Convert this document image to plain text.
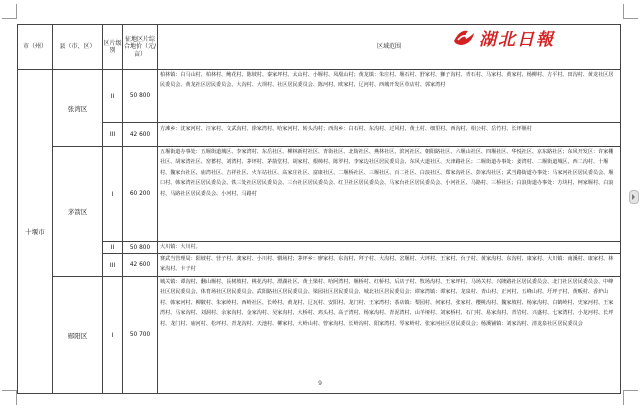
市（州）	县（市、区）	区片级别	征地区片综合地价（元/亩）	区域范围
十堰市	张湾区	II	50 800	柏林镇：白马山村、柏林村、鲍花村、陈坡村、秦家坪村、太山村、小堰村、凤凰山村；黄龙镇：朱庄村、堰石村、舒家村、狮子沟村、青石村、马家村、黄家村、杨柳村、方平村、田沟村、黄龙社区居民委员会、黄龙社区居民委员会、大沟村、大坝村、社区居民委员会、陈河村、欧家村、辽河村、西城开发区草店村、郭家湾村

		III	42 600	方滩乡：沈家河村、汪家村、文武沟村、徐家湾村、哈家河村、转头沟村；西沟乡：白石村、东沟村、过风村、黄土村、细里村、西沟村、相公村、岳竹村、长坪堰村

	茅箭区	I	60 200	五堰街道办事处：五堰街道城区、李家湾村、东岳社区、柳林新村社区、青街社区、北街社区、燕林社区、滨河社区、朝阳路社区、六堰山社区、四堰社区、华悦社区、京东路社区；东风开发区：许家棚社区、胡家湾社区、窑蓄村、刘湾村、茅坪村、茅箭堂村、胡家村、根樟村、陈罗村、李家边社区居民委员会、东风大道社区、天津路社区；二堰街道办事处：姜湾村、二堰街道城区、西二沟村、十堰村、魏家台社区、庙湾社区、吉祥社区、火车站社区、高家庄社区、富康社区、二堰桥社区、三堰社区、百二社区、白浪社区、郑家沟社区、彭家沟社区；武当路街道办事处：马家河社区居民委员会、堰口村、韩家湾社区居民委员会、铁三处社区居民委员会、三台社区居民委员会、红卫社区居民委员会、马家台社区居民委员会、小河社区、马路村、三桥社区；白浪街道办事处：方块村、柯家堰村、白浪村、马路社区居民委员会、小河村、马路村

		II	50 800	大川镇：大川村。

		III	42 600	赛武当管理局：阳坡村、营子村、龚家村、小川村、辋场村；茅坪乡：廖家村、东沟村、拜子村、大沟村、岔堰村、大坪村、王家村、台子村、黄家沟村、东沟村、康家村、大川镇：南溪村、康家村、林家沟村、卡子村

	郧阳区	I	50 700	城关镇：谭沟村、翻山堰村、長树坡村、桃花沟村、漂湖社区、黄土梁村、哈阿湾村、堰桥村、红桥村、后店子村、牧场沟村、王家坪村、马场关村、兴隆路社区居民委员会、北门社区居民委员会、中峰社区居民委员会、体育场社区居民委员会、武阳路社区居民委员会、梁园社区居民委员会、城北社区居民委员会；谭家湾镇：谭家村、龙泉村、青山村、正河村、五峰山村、圩坪子村、黄畈村、香炉山村、韩家河村、柳陂村、朱家岭村、西岭社区、长岭村、黄龙村、辽瓦村、安阳村、龙门村、王家湾村；茶店镇：梨园村、何家村、张家村、樱桃沟村、魏家坡村、杨家沟村、白鹤岭村、史家河村、王家湾村、马家沟村、刘洞村、余家沟村、金家沟村、吴家沟村、大桥村、鸡头村、高子湾村、杨家沟村、青泥湾村、山羊垭村、刘家桥村、石门村、易家沟村、青岩村、兴盛村、七家湾村、小龙河村、长坪村、龙门村、庙河村、松坪村、青龙沟村、天池村、柳家村、大岭山村、曾家沟村、长岭沟村、阳家湾村、琴家岭村、张家河社区居民委员会；杨溪铺镇：刘家沟村、清龙泉社区居民委员会
湖北日報
9
